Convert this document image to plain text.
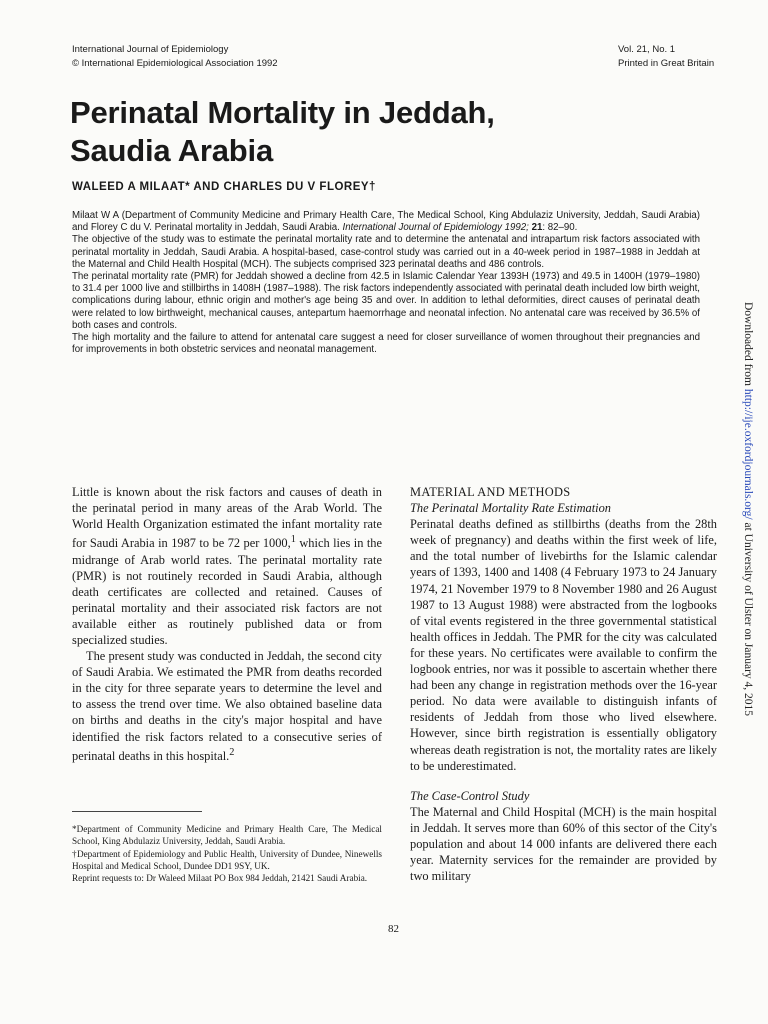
International Journal of Epidemiology
© International Epidemiological Association 1992
Vol. 21, No. 1
Printed in Great Britain
Perinatal Mortality in Jeddah,
Saudia Arabia
WALEED A MILAAT* AND CHARLES DU V FLOREY†

Milaat W A (Department of Community Medicine and Primary Health Care, The Medical School, King Abdulaziz University, Jeddah, Saudi Arabia) and Florey C du V. Perinatal mortality in Jeddah, Saudi Arabia. International Journal of Epidemiology 1992; 21: 82–90.

The objective of the study was to estimate the perinatal mortality rate and to determine the antenatal and intrapartum risk factors associated with perinatal mortality in Jeddah, Saudi Arabia. A hospital-based, case-control study was carried out in a 40-week period in 1987–1988 in Jeddah at the Maternal and Child Health Hospital (MCH). The subjects comprised 323 perinatal deaths and 486 controls.

The perinatal mortality rate (PMR) for Jeddah showed a decline from 42.5 in Islamic Calendar Year 1393H (1973) and 49.5 in 1400H (1979–1980) to 31.4 per 1000 live and stillbirths in 1408H (1987–1988). The risk factors independently associated with perinatal death included low birth weight, complications during labour, ethnic origin and mother's age being 35 and over. In addition to lethal deformities, direct causes of perinatal death were related to low birthweight, mechanical causes, antepartum haemorrhage and neonatal infection. No antenatal care was received by 36.5% of both cases and controls.

The high mortality and the failure to attend for antenatal care suggest a need for closer surveillance of women throughout their pregnancies and for improvements in both obstetric services and neonatal management.

Little is known about the risk factors and causes of death in the perinatal period in many areas of the Arab World. The World Health Organization estimated the infant mortality rate for Saudi Arabia in 1987 to be 72 per 1000,$^1$ which lies in the midrange of Arab world rates. The perinatal mortality rate (PMR) is not routinely recorded in Saudi Arabia, although death certificates are collected and retained. Causes of perinatal mortality and their associated risk factors are not available either as routinely published data or from specialized studies.

The present study was conducted in Jeddah, the second city of Saudi Arabia. We estimated the PMR from deaths recorded in the city for three separate years to determine the level and to assess the trend over time. We also obtained baseline data on births and deaths in the city's major hospital and have identified the risk factors related to a consecutive series of perinatal deaths in this hospital.$^2$

MATERIAL AND METHODS
The Perinatal Mortality Rate Estimation

Perinatal deaths defined as stillbirths (deaths from the 28th week of pregnancy) and deaths within the first week of life, and the total number of livebirths for the Islamic calendar years of 1393, 1400 and 1408 (4 February 1973 to 24 January 1974, 21 November 1979 to 8 November 1980 and 26 August 1987 to 13 August 1988) were abstracted from the logbooks of vital events registered in the three governmental statistical health offices in Jeddah. The PMR for the city was calculated for these years. No certificates were available to confirm the logbook entries, nor was it possible to ascertain whether there had been any change in registration methods over the 16-year period. No data were available to distinguish infants of residents of Jeddah from those who lived elsewhere. However, since birth registration is essentially obligatory whereas death registration is not, the mortality rates are likely to be underestimated.

The Case-Control Study

The Maternal and Child Hospital (MCH) is the main hospital in Jeddah. It serves more than 60% of this sector of the City's population and about 14 000 infants are delivered there each year. Maternity services for the remainder are provided by two military

*Department of Community Medicine and Primary Health Care, The Medical School, King Abdulaziz University, Jeddah, Saudi Arabia.

†Department of Epidemiology and Public Health, University of Dundee, Ninewells Hospital and Medical School, Dundee DD1 9SY, UK.

Reprint requests to: Dr Waleed Milaat PO Box 984 Jeddah, 21421 Saudi Arabia.

82
Downloaded from http://ije.oxfordjournals.org/ at University of Ulster on January 4, 2015
